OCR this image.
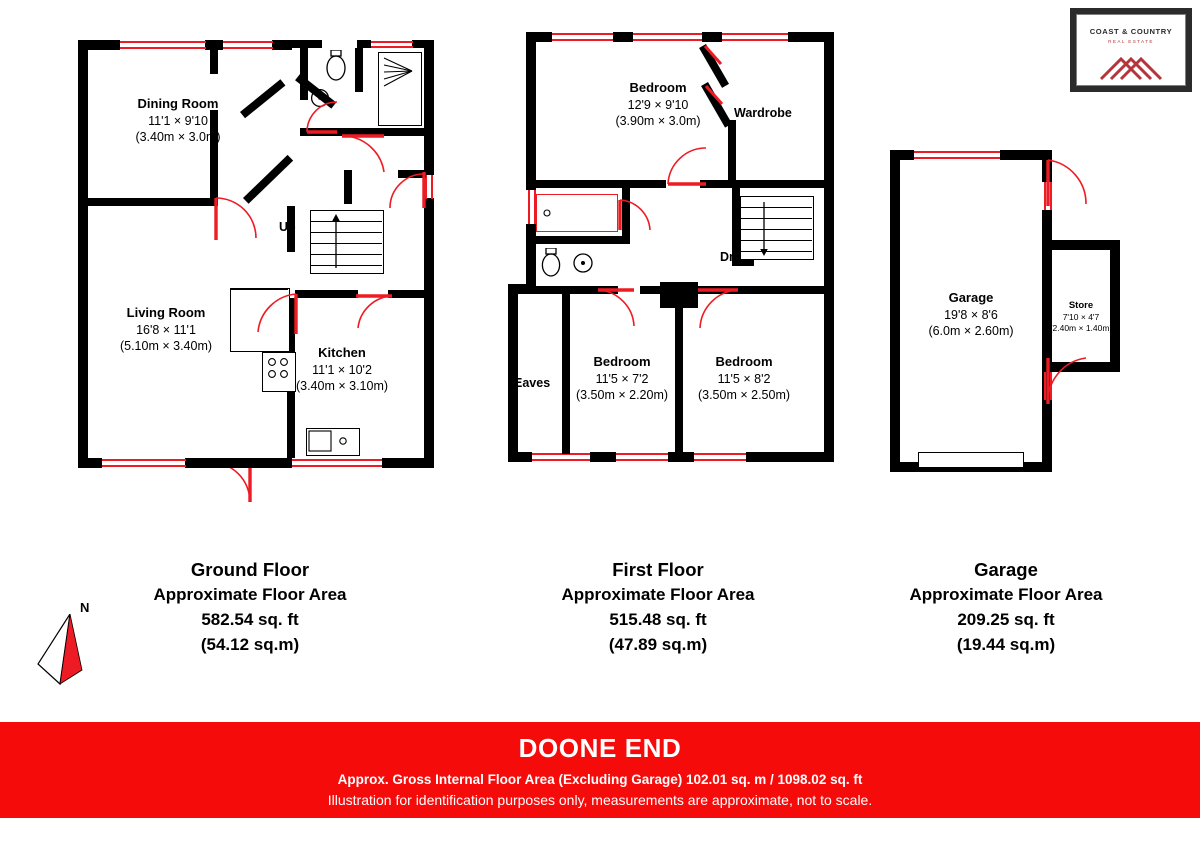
COAST & COUNTRY
REAL ESTATE
Up
Dining Room
11'1 × 9'10
(3.40m × 3.0m)
Living Room
16'8 × 11'1
(5.10m × 3.40m)	Kitchen
11'1 × 10'2
(3.40m × 3.10m)
Dn
Bedroom
12'9 × 9'10
(3.90m × 3.0m)
Wardrobe
Eaves
Bedroom
11'5 × 7'2
(3.50m × 2.20m)
Bedroom
11'5 × 8'2
(3.50m × 2.50m)
Garage
19'8 × 8'6
(6.0m × 2.60m)
Store
7'10 × 4'7
(2.40m × 1.40m)
Ground Floor
Approximate Floor Area
582.54 sq. ft
(54.12 sq.m)
First Floor
Approximate Floor Area
515.48 sq. ft
(47.89 sq.m)
Garage
Approximate Floor Area
209.25 sq. ft
(19.44 sq.m)
N
DOONE END
Approx. Gross Internal Floor Area (Excluding Garage) 102.01 sq. m / 1098.02 sq. ft
Illustration for identification purposes only, measurements are approximate, not to scale.
